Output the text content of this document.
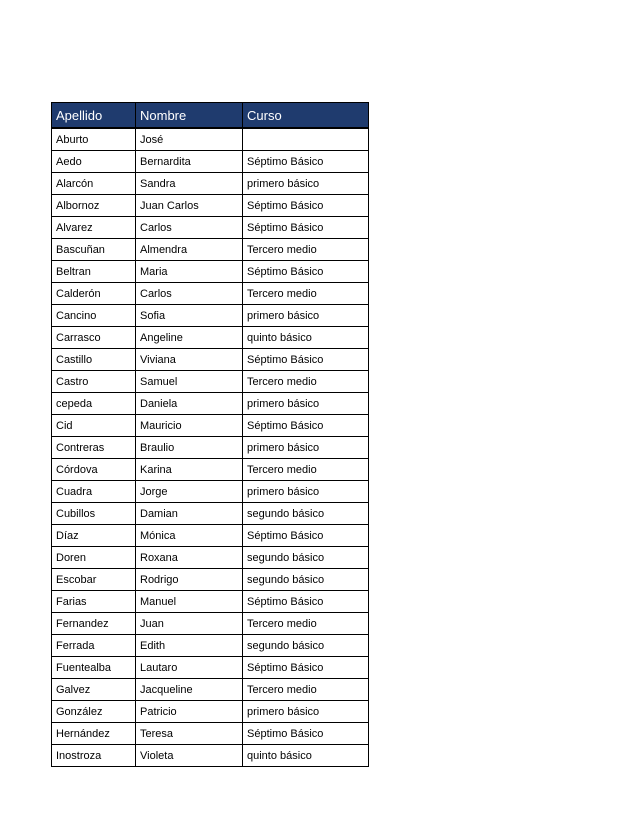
Apellido	Nombre	Curso
Aburto	José	
Aedo	Bernardita	Séptimo Básico
Alarcón	Sandra	primero básico
Albornoz	Juan Carlos	Séptimo Básico
Alvarez	Carlos	Séptimo Básico
Bascuñan	Almendra	Tercero medio
Beltran	Maria	Séptimo Básico
Calderón	Carlos	Tercero medio
Cancino	Sofia	primero básico
Carrasco	Angeline	quinto básico
Castillo	Viviana	Séptimo Básico
Castro	Samuel	Tercero medio
cepeda	Daniela	primero básico
Cid	Mauricio	Séptimo Básico
Contreras	Braulio	primero básico
Córdova	Karina	Tercero medio
Cuadra	Jorge	primero básico
Cubillos	Damian	segundo básico
Díaz	Mónica	Séptimo Básico
Doren	Roxana	segundo básico
Escobar	Rodrigo	segundo básico
Farias	Manuel	Séptimo Básico
Fernandez	Juan	Tercero medio
Ferrada	Edith	segundo básico
Fuentealba	Lautaro	Séptimo Básico
Galvez	Jacqueline	Tercero medio
González	Patricio	primero básico
Hernández	Teresa	Séptimo Básico
Inostroza	Violeta	quinto básico
